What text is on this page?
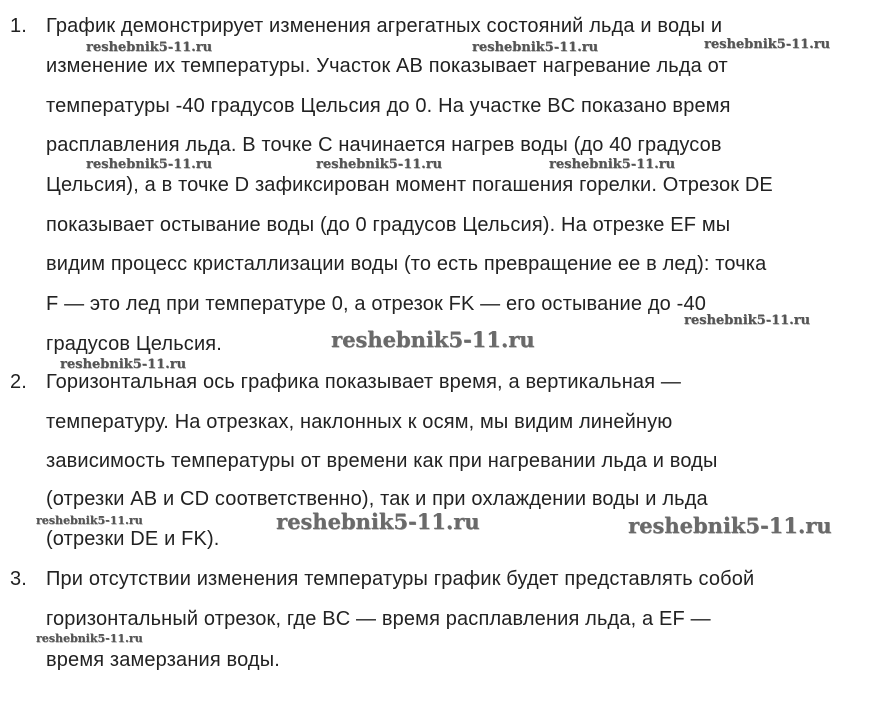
1. График демонстрирует изменения агрегатных состояний льда и воды и
изменение их температуры. Участок AB показывает нагревание льда от
температуры -40 градусов Цельсия до 0. На участке BC показано время
расплавления льда. В точке C начинается нагрев воды (до 40 градусов
Цельсия), а в точке D зафиксирован момент погашения горелки. Отрезок DE
показывает остывание воды (до 0 градусов Цельсия). На отрезке EF мы
видим процесс кристаллизации воды (то есть превращение ее в лед): точка
F — это лед при температуре 0, а отрезок FK — его остывание до -40
градусов Цельсия.
2. Горизонтальная ось графика показывает время, а вертикальная —
температуру. На отрезках, наклонных к осям, мы видим линейную
зависимость температуры от времени как при нагревании льда и воды
(отрезки AB и CD соответственно), так и при охлаждении воды и льда
(отрезки DE и FK).
3. При отсутствии изменения температуры график будет представлять собой
горизонтальный отрезок, где BC — время расплавления льда, а EF —
время замерзания воды.
reshebnik5-11.ru	reshebnik5-11.ru	reshebnik5-11.ru
reshebnik5-11.ru	reshebnik5-11.ru	reshebnik5-11.ru
reshebnik5-11.ru
reshebnik5-11.ru
reshebnik5-11.ru
reshebnik5-11.ru	reshebnik5-11.ru	reshebnik5-11.ru
reshebnik5-11.ru
